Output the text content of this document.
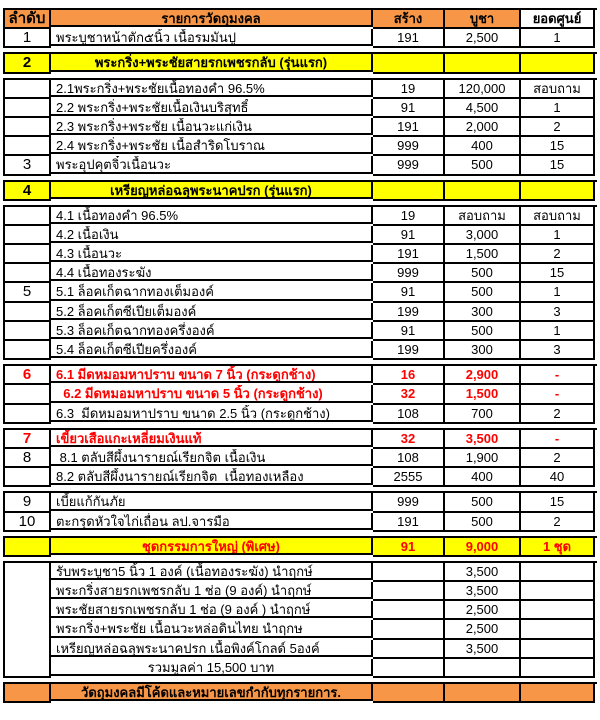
ลำดับ	รายการวัดถุมงคล	สร้าง	บูชา	ยอดศูนย์
1	พระบูชาหน้าตัก๕นิ้ว เนื้อรมมันปู	191	2,500	1
2	พระกริ่ง+พระชัยสายรกเพชรกลับ (รุ่นแรก)
2.1พระกริ่ง+พระชัยเนื้อทองคำ 96.5%	19	120,000	สอบถาม
2.2 พระกริ่ง+พระชัยเนื้อเงินบริสุทธิ์	91	4,500	1
2.3 พระกริ่ง+พระชัย เนื้อนวะแก่เงิน	191	2,000	2
2.4 พระกริ่ง+พระชัย เนื้อสำริดโบราณ	999	400	15
3	พระอุปคุตจิ๋วเนื้อนวะ	999	500	15
4	เหรียญหล่อฉลุพระนาคปรก (รุ่นแรก)
4.1 เนื้อทองคำ 96.5%	19	สอบถาม	สอบถาม
4.2 เนื้อเงิน	91	3,000	1
4.3 เนื้อนวะ	191	1,500	2
4.4 เนื้อทองระฆัง	999	500	15
5	5.1 ล็อคเก็ตฉากทองเต็มองค์	91	500	1
5.2 ล็อคเก็ตซีเปียเต็มองค์	199	300	3
5.3 ล็อคเก็ตฉากทองครึ่งองค์	91	500	1
5.4 ล็อคเก็ตซีเปียครึ่งองค์	199	300	3
6	6.1 มีดหมอมหาปราบ ขนาด 7 นิ้ว (กระดูกช้าง)	16	2,900	-
6.2 มีดหมอมหาปราบ ขนาด 5 นิ้ว (กระดูกช้าง)	32	1,500	-
6.3  มีดหมอมหาปราบ ขนาด 2.5 นิ้ว (กระดูกช้าง)	108	700	2
7	เขี้ยวเสือแกะเหลี่ยมเงินแท้	32	3,500	-
8	8.1 ตลับสีผึ้งนารายณ์เรียกจิต เนื้อเงิน	108	1,900	2
8.2 ตลับสีผึ้งนารายณ์เรียกจิต  เนื้อทองเหลือง	2555	400	40
9	เบี้ยแก้กันภัย	999	500	15
10	ตะกรุดหัวใจไก่เถื่อน ลป.จารมือ	191	500	2
ชุดกรรมการใหญ่ (พิเศษ)	91	9,000	1 ชุด
รับพระบูชา5 นิ้ว 1 องค์ (เนื้อทองระฆัง) นำฤกษ์	3,500
พระกริ่งสายรกเพชรกลับ 1 ช่อ (9 องค์) นำฤกษ์	3,500
พระชัยสายรกเพชรกลับ 1 ช่อ (9 องค์ ) นำฤกษ์	2,500
พระกริ่ง+พระชัย เนื้อนวะหล่อดินไทย นำฤกษ	2,500
เหรียญหล่อฉลุพระนาคปรก เนื้อพิงค์โกลด์ 5องค์	3,500
รวมมูลค่า 15,500 บาท
วัดถุมงคลมีโค้ดและหมายเลขกำกับทุกรายการ.
